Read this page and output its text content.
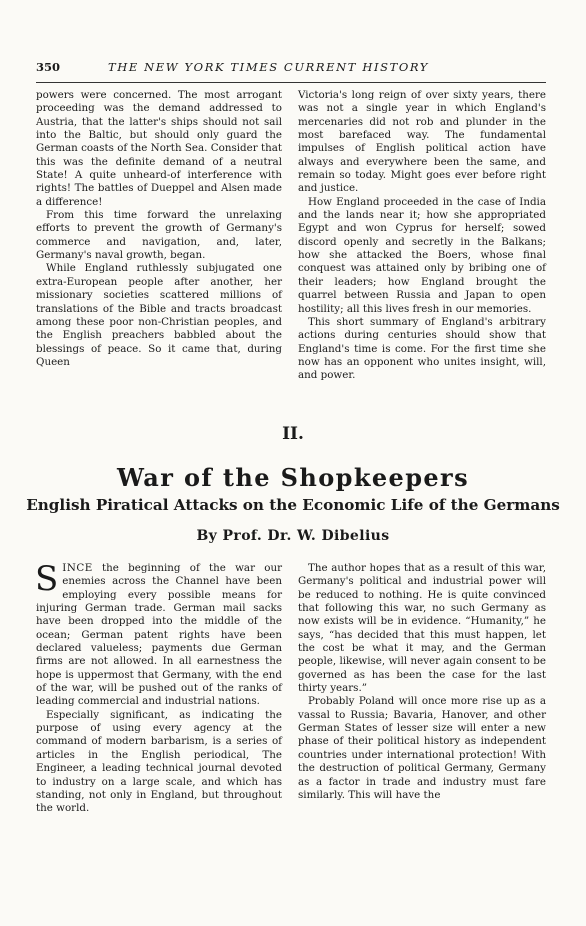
350	THE NEW YORK TIMES CURRENT HISTORY

powers were concerned. The most arrogant proceeding was the demand addressed to Austria, that the latter's ships should not sail into the Baltic, but should only guard the German coasts of the North Sea. Consider that this was the definite demand of a neutral State! A quite unheard-of interference with rights! The battles of Dueppel and Alsen made a difference!

From this time forward the unrelaxing efforts to prevent the growth of Germany's commerce and navigation, and, later, Germany's naval growth, began.

While England ruthlessly subjugated one extra-European people after another, her missionary societies scattered millions of translations of the Bible and tracts broadcast among these poor non-Christian peoples, and the English preachers babbled about the blessings of peace. So it came that, during Queen

Victoria's long reign of over sixty years, there was not a single year in which England's mercenaries did not rob and plunder in the most barefaced way. The fundamental impulses of English political action have always and everywhere been the same, and remain so today. Might goes ever before right and justice.

How England proceeded in the case of India and the lands near it; how she appropriated Egypt and won Cyprus for herself; sowed discord openly and secretly in the Balkans; how she attacked the Boers, whose final conquest was attained only by bribing one of their leaders; how England brought the quarrel between Russia and Japan to open hostility; all this lives fresh in our memories.

This short summary of England's arbitrary actions during centuries should show that England's time is come. For the first time she now has an opponent who unites insight, will, and power.

II.
War of the Shopkeepers
English Piratical Attacks on the Economic Life of the Germans
By Prof. Dr. W. Dibelius

SINCE the beginning of the war our enemies across the Channel have been employing every possible means for injuring German trade. German mail sacks have been dropped into the middle of the ocean; German patent rights have been declared valueless; payments due German firms are not allowed. In all earnestness the hope is uppermost that Germany, with the end of the war, will be pushed out of the ranks of leading commercial and industrial nations.

Especially significant, as indicating the purpose of using every agency at the command of modern barbarism, is a series of articles in the English periodical, The Engineer, a leading technical journal devoted to industry on a large scale, and which has standing, not only in England, but throughout the world.

The author hopes that as a result of this war, Germany's political and industrial power will be reduced to nothing. He is quite convinced that following this war, no such Germany as now exists will be in evidence. “Humanity,” he says, “has decided that this must happen, let the cost be what it may, and the German people, likewise, will never again consent to be governed as has been the case for the last thirty years.”

Probably Poland will once more rise up as a vassal to Russia; Bavaria, Hanover, and other German States of lesser size will enter a new phase of their political history as independent countries under international protection! With the destruction of political Germany, Germany as a factor in trade and industry must fare similarly. This will have the
